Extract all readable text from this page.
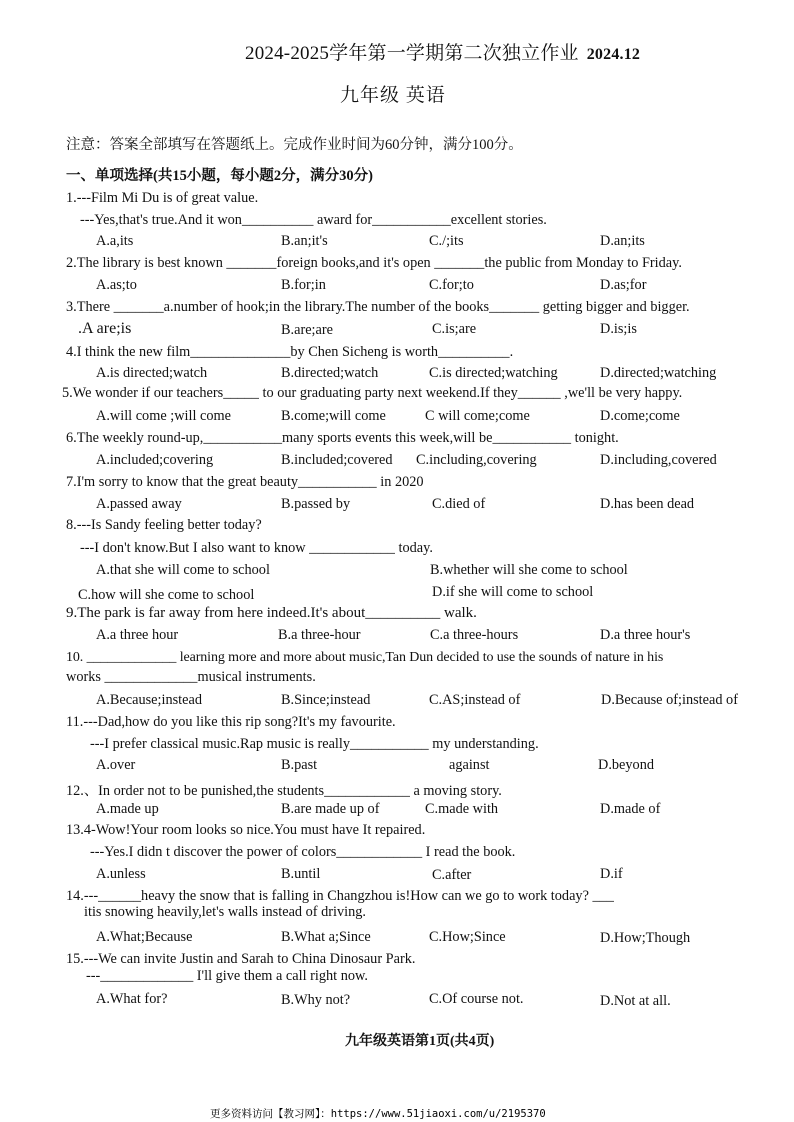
2024-2025学年第一学期第二次独立作业 2024.12
九年级 英语
注意：答案全部填写在答题纸上。完成作业时间为60分钟，满分100分。
一、单项选择(共15小题，每小题2分，满分30分)
1.---Film Mi Du is of great value.
---Yes,that's true.And it won__________ award for___________excellent stories.
A.a,its	B.an;it's	C./;its	D.an;its
2.The library is best known _______foreign books,and it's open _______the public from Monday to Friday.
A.as;to	B.for;in	C.for;to	D.as;for
3.There _______a.number of hook;in the library.The number of the books_______ getting bigger and bigger.
.A are;is	B.are;are	C.is;are	D.is;is
4.I think the new film______________by Chen Sicheng is worth__________.
A.is directed;watch	B.directed;watch	C.is directed;watching	D.directed;watching
5.We wonder if our teachers_____ to our graduating party next weekend.If they______ ,we'll be very happy.
A.will come ;will come	B.come;will come	C will come;come	D.come;come
6.The weekly round-up,___________many sports events this week,will be___________ tonight.
A.included;covering	B.included;covered C.including,covering	D.including,covered
7.I'm sorry to know that the great beauty___________ in 2020
A.passed away	B.passed by	C.died of	D.has been dead
8.---Is Sandy feeling better today?
---I don't know.But I also want to know ____________ today.
A.that she will come to school	B.whether will she come to school
C.how will she come to school	D.if she will come to school
9.The park is far away from here indeed.It's about__________ walk.
A.a three hour	B.a three-hour	C.a three-hours	D.a three hour's
10. _____________ learning more and more about music,Tan Dun decided to use the sounds of nature in his
works _____________musical instruments.
A.Because;instead	B.Since;instead	C.AS;instead of	D.Because of;instead of
11.---Dad,how do you like this rip song?It's my favourite.
---I prefer classical music.Rap music is really___________ my understanding.
A.over	B.past	against	D.beyond
12.、In order not to be punished,the students____________ a moving story.
A.made up	B.are made up of	C.made with	D.made of
13.4-Wow!Your room looks so nice.You must have It repaired.
---Yes.I didn t discover the power of colors____________ I read the book.
A.unless	B.until	C.after	D.if
14.---______heavy the snow that is falling in Changzhou is!How can we go to work today? ___
itis snowing heavily,let's walls instead of driving.
A.What;Because	B.What a;Since	C.How;Since	D.How;Though
15.---We can invite Justin and Sarah to China Dinosaur Park.
---_____________ I'll give them a call right now.
A.What for?	B.Why not?	C.Of course not.	D.Not at all.
九年级英语第1页(共4页)
更多资料访问【教习网】：https://www.51jiaoxi.com/u/2195370
